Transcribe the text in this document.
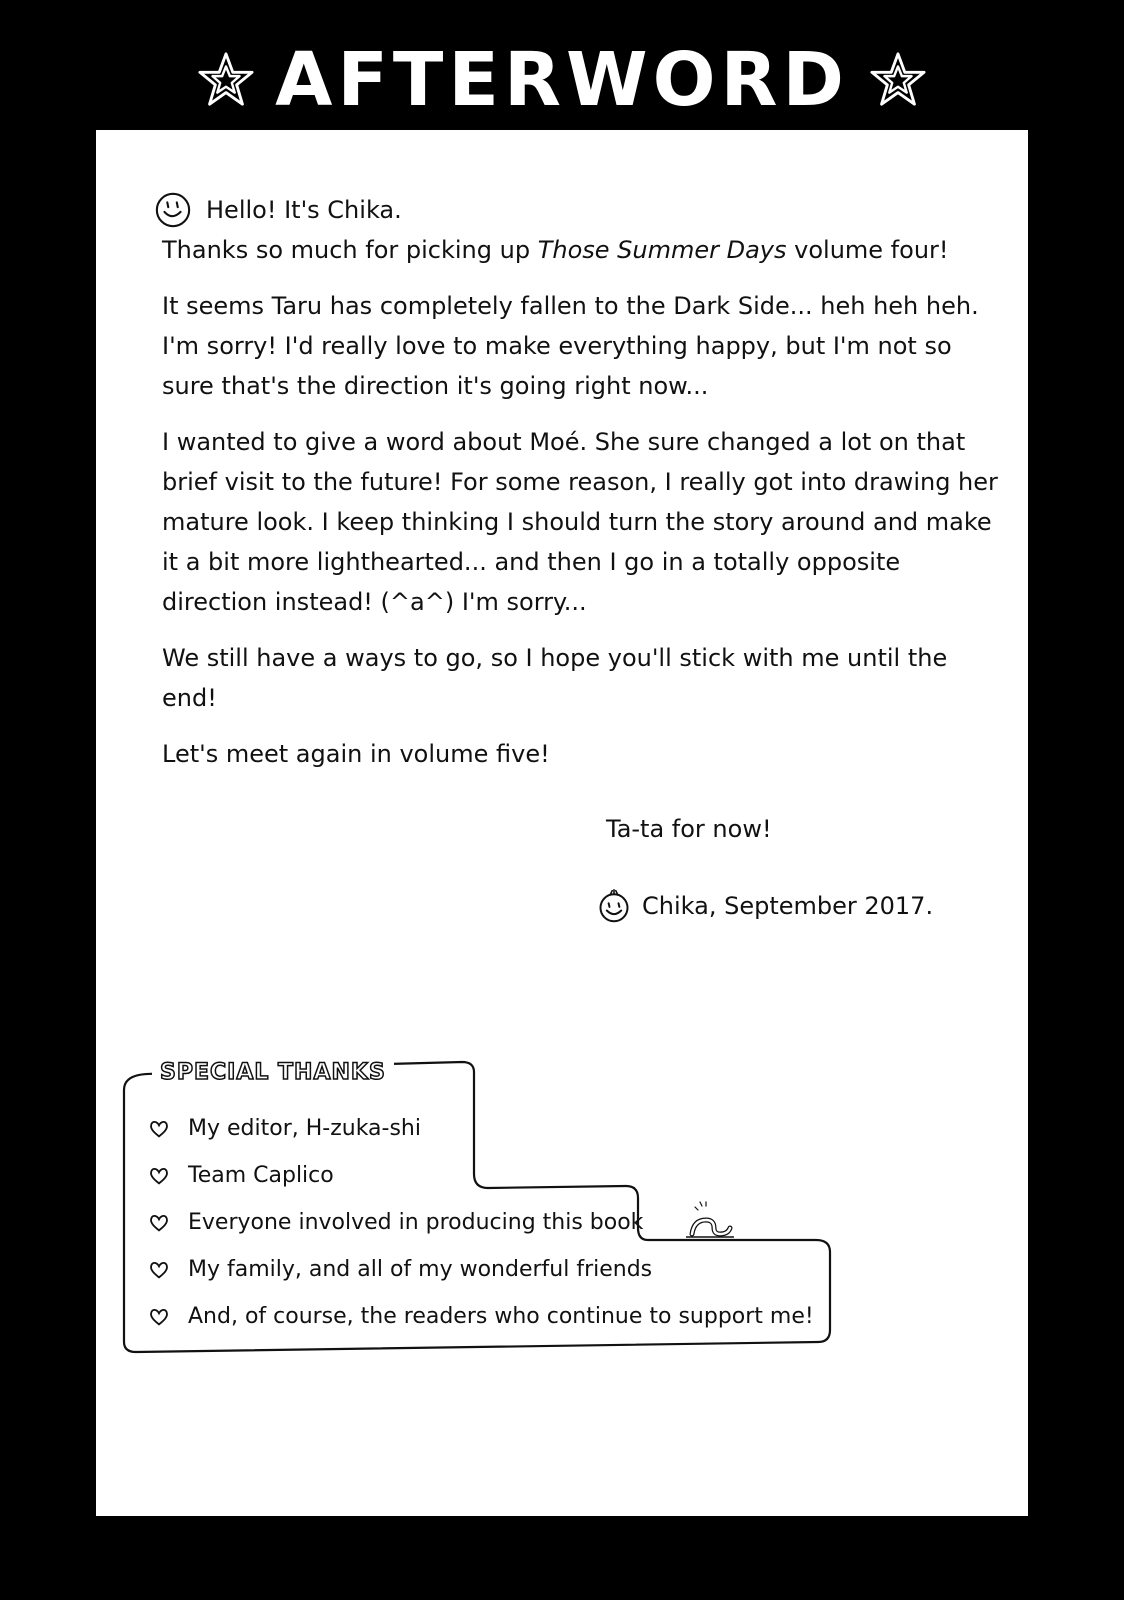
AFTERWORD
Hello! It's Chika.

Thanks so much for picking up Those Summer Days volume four!

It seems Taru has completely fallen to the Dark Side... heh heh heh. I'm sorry! I'd really love to make everything happy, but I'm not so sure that's the direction it's going right now...

I wanted to give a word about Moé. She sure changed a lot on that brief visit to the future! For some reason, I really got into drawing her mature look. I keep thinking I should turn the story around and make it a bit more lighthearted... and then I go in a totally opposite direction instead! (^a^) I'm sorry...

We still have a ways to go, so I hope you'll stick with me until the end!

Let's meet again in volume five!

Ta-ta for now!
Chika, September 2017.
SPECIAL THANKS
My editor, H-zuka-shi
Team Caplico
Everyone involved in producing this book
My family, and all of my wonderful friends
And, of course, the readers who continue to support me!
